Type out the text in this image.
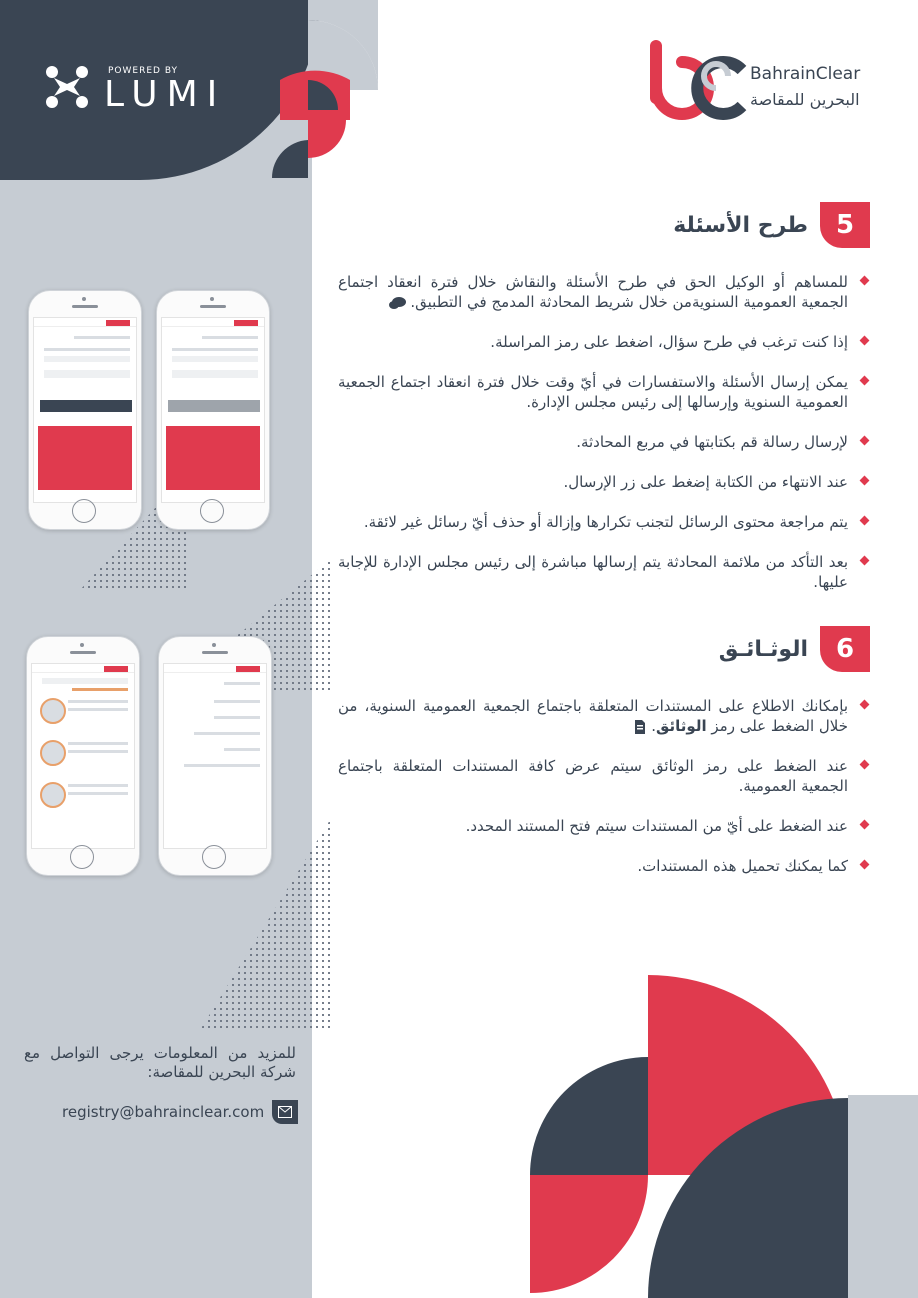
POWERED BY
LUMI	BahrainClear
البحرين للمقاصة
5
طرح الأسئلة
للمساهم أو الوكيل الحق في طرح الأسئلة والنقاش خلال فترة انعقاد اجتماع الجمعية العمومية السنويةمن خلال شريط المحادثة المدمج في التطبيق.
إذا كنت ترغب في طرح سؤال، اضغط على رمز المراسلة.
يمكن إرسال الأسئلة والاستفسارات في أيّ وقت خلال فترة انعقاد اجتماع الجمعية العمومية السنوية وإرسالها إلى رئيس مجلس الإدارة.
لإرسال رسالة قم بكتابتها في مربع المحادثة.
عند الانتهاء من الكتابة إضغط على زر الإرسال.
يتم مراجعة محتوى الرسائل لتجنب تكرارها وإزالة أو حذف أيّ رسائل غير لائقة.
بعد التأكد من ملائمة المحادثة يتم إرسالها مباشرة إلى رئيس مجلس الإدارة للإجابة عليها.
6
الوثـائـق
بإمكانك الاطلاع على المستندات المتعلقة باجتماع الجمعية العمومية السنوية، من خلال الضغط على رمز الوثائق.
عند الضغط على رمز الوثائق سيتم عرض كافة المستندات المتعلقة باجتماع الجمعية العمومية.
عند الضغط على أيّ من المستندات سيتم فتح المستند المحدد.
كما يمكنك تحميل هذه المستندات.
للمزيد من المعلومات يرجى التواصل مع شركة البحرين للمقاصة:
registry@bahrainclear.com
